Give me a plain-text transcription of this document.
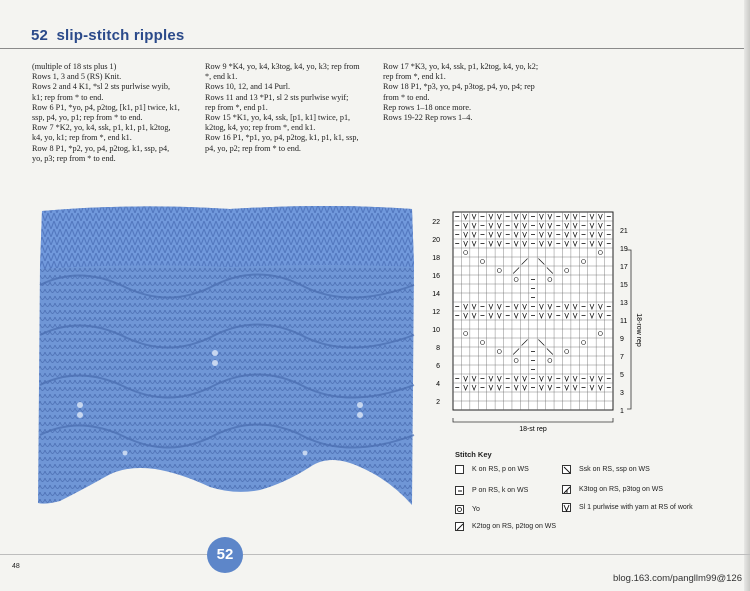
52 slip-stitch ripples
(multiple of 18 sts plus 1)
Rows 1, 3 and 5 (RS) Knit.
Rows 2 and 4 K1, *sl 2 sts purlwise wyib,
k1; rep from * to end.
Row 6 P1, *yo, p4, p2tog, [k1, p1] twice, k1,
ssp, p4, yo, p1; rep from * to end.
Row 7 *K2, yo, k4, ssk, p1, k1, p1, k2tog,
k4, yo, k1; rep from *, end k1.
Row 8 P1, *p2, yo, p4, p2tog, k1, ssp, p4,
yo, p3; rep from * to end.
Row 9 *K4, yo, k4, k3tog, k4, yo, k3; rep from
*, end k1.
Rows 10, 12, and 14 Purl.
Rows 11 and 13 *P1, sl 2 sts purlwise wyif;
rep from *, end p1.
Row 15 *K1, yo, k4, ssk, [p1, k1] twice, p1,
k2tog, k4, yo; rep from *, end k1.
Row 16 P1, *p1, yo, p4, p2tog, k1, p1, k1, ssp,
p4, yo, p2; rep from * to end.
Row 17 *K3, yo, k4, ssk, p1, k2tog, k4, yo, k2;
rep from *, end k1.
Row 18 P1, *p3, yo, p4, p3tog, p4, yo, p4; rep
from * to end.
Rep rows 1–18 once more.
Rows 19-22 Rep rows 1–4.
22
20
18
16
14
12
10
8
6
4
2
21
19
17
15
13
11
9
7
5
3
1
18-st rep
18-row rep
Stitch Key
K on RS, p on WS
P on RS, k on WS
Yo
K2tog on RS, p2tog on WS
Ssk on RS, ssp on WS
K3tog on RS, p3tog on WS
Sl 1 purlwise with yarn at RS of work
52
48
blog.163.com/pangllm99@126
